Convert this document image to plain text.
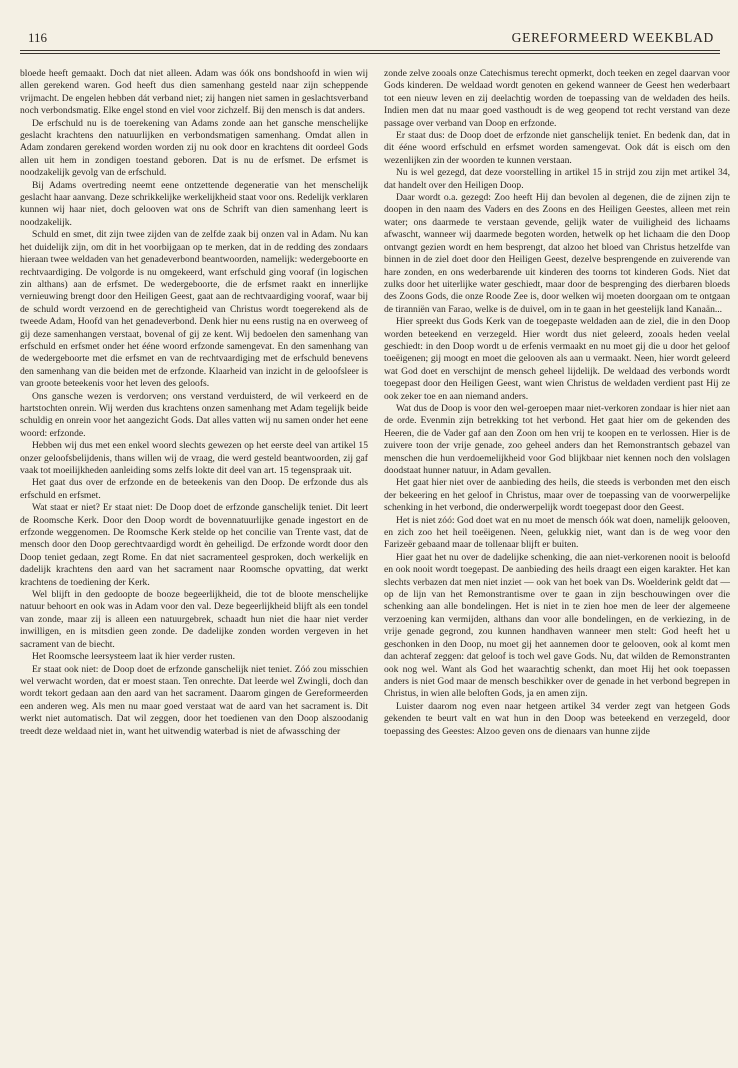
116	GEREFORMEERD WEEKBLAD

bloede heeft gemaakt. Doch dat niet alleen. Adam was óók ons bondshoofd in wien wij allen gerekend waren. God heeft dus dien samenhang gesteld naar zijn scheppende vrijmacht. De engelen hebben dát verband niet; zij hangen niet samen in geslachtsverband noch verbondsmatig. Elke engel stond en viel voor zichzelf. Bij den mensch is dat anders.

De erfschuld nu is de toerekening van Adams zonde aan het gansche menschelijke geslacht krachtens den natuurlijken en verbondsmatigen samenhang. Omdat allen in Adam zondaren gerekend worden worden zij nu ook door en krachtens dit oordeel Gods allen uit hem in zondigen toestand geboren. Dat is nu de erfsmet. De erfsmet is noodzakelijk gevolg van de erfschuld.

Bij Adams overtreding neemt eene ontzettende degeneratie van het menschelijk geslacht haar aanvang. Deze schrikkelijke werkelijkheid staat voor ons. Redelijk verklaren kunnen wij haar niet, doch gelooven wat ons de Schrift van dien samenhang leert is noodzakelijk.

Schuld en smet, dit zijn twee zijden van de zelfde zaak bij onzen val in Adam. Nu kan het duidelijk zijn, om dit in het voorbijgaan op te merken, dat in de redding des zondaars hieraan twee weldaden van het genadeverbond beantwoorden, namelijk: wedergeboorte en rechtvaardiging. De volgorde is nu omgekeerd, want erfschuld ging vooraf (in logischen zin althans) aan de erfsmet. De wedergeboorte, die de erfsmet raakt en innerlijke vernieuwing brengt door den Heiligen Geest, gaat aan de rechtvaardiging vooraf, waar bij de schuld wordt verzoend en de gerechtigheid van Christus wordt toegerekend als de tweede Adam, Hoofd van het genadeverbond. Denk hier nu eens rustig na en overweeg of gij deze samenhangen verstaat, bovenal of gij ze kent. Wij bedoelen den samenhang van erfschuld en erfsmet onder het ééne woord erfzonde samengevat. En den samenhang van de wedergeboorte met die erfsmet en van de rechtvaardiging met de erfschuld benevens den samenhang van die beiden met de erfzonde. Klaarheid van inzicht in de geloofsleer is van groote beteekenis voor het leven des geloofs.

Ons gansche wezen is verdorven; ons verstand verduisterd, de wil verkeerd en de hartstochten onrein. Wij werden dus krachtens onzen samenhang met Adam tegelijk beide schuldig en onrein voor het aangezicht Gods. Dat alles vatten wij nu samen onder het eene woord: erfzonde.

Hebben wij dus met een enkel woord slechts gewezen op het eerste deel van artikel 15 onzer geloofsbelijdenis, thans willen wij de vraag, die werd gesteld beantwoorden, zij gaf vaak tot moeilijkheden aanleiding soms zelfs lokte dit deel van art. 15 tegenspraak uit.

Het gaat dus over de erfzonde en de beteekenis van den Doop. De erfzonde dus als erfschuld en erfsmet.

Wat staat er niet? Er staat niet: De Doop doet de erfzonde ganschelijk teniet. Dit leert de Roomsche Kerk. Door den Doop wordt de bovennatuurlijke genade ingestort en de erfzonde weggenomen. De Roomsche Kerk stelde op het concilie van Trente vast, dat de mensch door den Doop gerechtvaardigd wordt èn geheiligd. De erfzonde wordt door den Doop teniet gedaan, zegt Rome. En dat niet sacramenteel gesproken, doch werkelijk en dadelijk krachtens den aard van het sacrament naar Roomsche opvatting, dat werkt krachtens de toediening der Kerk.

Wel blijft in den gedoopte de booze begeerlijkheid, die tot de bloote menschelijke natuur behoort en ook was in Adam voor den val. Deze begeerlijkheid blijft als een tondel van zonde, maar zij is alleen een natuurgebrek, schaadt hun niet die haar niet verder inwilligen, en is mitsdien geen zonde. De dadelijke zonden worden vergeven in het sacrament van de biecht.

Het Roomsche leersysteem laat ik hier verder rusten.

Er staat ook niet: de Doop doet de erfzonde ganschelijk niet teniet. Zóó zou misschien wel verwacht worden, dat er moest staan. Ten onrechte. Dat leerde wel Zwingli, doch dan wordt tekort gedaan aan den aard van het sacrament. Daarom gingen de Gereformeerden een anderen weg. Als men nu maar goed verstaat wat de aard van het sacrament is. Dit werkt niet automatisch. Dat wil zeggen, door het toedienen van den Doop alszoodanig treedt deze weldaad niet in, want het uitwendig waterbad is niet de afwassching der

zonde zelve zooals onze Catechismus terecht opmerkt, doch teeken en zegel daarvan voor Gods kinderen. De weldaad wordt genoten en gekend wanneer de Geest hen wederbaart tot een nieuw leven en zij deelachtig worden de toepassing van de weldaden des heils. Indien men dat nu maar goed vasthoudt is de weg geopend tot recht verstand van deze passage over verband van Doop en erfzonde.

Er staat dus: de Doop doet de erfzonde niet ganschelijk teniet. En bedenk dan, dat in dit ééne woord erfschuld en erfsmet worden samengevat. Ook dát is eisch om den wezenlijken zin der woorden te kunnen verstaan.

Nu is wel gezegd, dat deze voorstelling in artikel 15 in strijd zou zijn met artikel 34, dat handelt over den Heiligen Doop.

Daar wordt o.a. gezegd: Zoo heeft Hij dan bevolen al degenen, die de zijnen zijn te doopen in den naam des Vaders en des Zoons en des Heiligen Geestes, alleen met rein water; ons daarmede te verstaan gevende, gelijk water de vuiligheid des lichaams afwascht, wanneer wij daarmede begoten worden, hetwelk op het lichaam die den Doop ontvangt gezien wordt en hem besprengt, dat alzoo het bloed van Christus hetzelfde van binnen in de ziel doet door den Heiligen Geest, dezelve besprengende en zuiverende van hare zonden, en ons wederbarende uit kinderen des toorns tot kinderen Gods. Niet dat zulks door het uiterlijke water geschiedt, maar door de besprenging des dierbaren bloeds des Zoons Gods, die onze Roode Zee is, door welken wij moeten doorgaan om te ontgaan de tiranniën van Farao, welke is de duivel, om in te gaan in het geestelijk land Kanaän...

Hier spreekt dus Gods Kerk van de toegepaste weldaden aan de ziel, die in den Doop worden beteekend en verzegeld. Hier wordt dus niet geleerd, zooals heden veelal geschiedt: in den Doop wordt u de erfenis vermaakt en nu moet gij die u door het geloof toeëigenen; gij moogt en moet die gelooven als aan u vermaakt. Neen, hier wordt geleerd wat God doet en verschijnt de mensch geheel lijdelijk. De weldaad des verbonds wordt toegepast door den Heiligen Geest, want wien Christus de weldaden verdient past Hij ze ook zeker toe en aan niemand anders.

Wat dus de Doop is voor den wel-geroepen maar niet-verkoren zondaar is hier niet aan de orde. Evenmin zijn betrekking tot het verbond. Het gaat hier om de gekenden des Heeren, die de Vader gaf aan den Zoon om hen vrij te koopen en te verlossen. Hier is de zuivere toon der vrije genade, zoo geheel anders dan het Remonstrantsch gebazel van menschen die hun verdoemelijkheid voor God blijkbaar niet kennen noch den volslagen doodstaat hunner natuur, in Adam gevallen.

Het gaat hier niet over de aanbieding des heils, die steeds is verbonden met den eisch der bekeering en het geloof in Christus, maar over de toepassing van de voorwerpelijke schenking in het verbond, die onderwerpelijk wordt toegepast door den Geest.

Het is niet zóó: God doet wat en nu moet de mensch óók wat doen, namelijk gelooven, en zich zoo het heil toeëigenen. Neen, gelukkig niet, want dan is de weg voor den Farizeër gebaand maar de tollenaar blijft er buiten.

Hier gaat het nu over de dadelijke schenking, die aan niet-verkorenen nooit is beloofd en ook nooit wordt toegepast. De aanbieding des heils draagt een eigen karakter. Het kan slechts verbazen dat men niet inziet — ook van het boek van Ds. Woelderink geldt dat — op de lijn van het Remonstrantisme over te gaan in zijn beschouwingen over die schenking aan alle bondelingen. Het is niet in te zien hoe men de leer der algemeene verzoening kan vermijden, althans dan voor alle bondelingen, en de verkiezing, in de vrije genade gegrond, zou kunnen handhaven wanneer men stelt: God heeft het u geschonken in den Doop, nu moet gij het aannemen door te gelooven, ook al komt men dan achteraf zeggen: dat geloof is toch wel gave Gods. Nu, dat wilden de Remonstranten ook nog wel. Want als God het waarachtig schenkt, dan moet Hij het ook toepassen anders is niet God maar de mensch beschikker over de genade in het verbond begrepen in Christus, in wien alle beloften Gods, ja en amen zijn.

Luister daarom nog even naar hetgeen artikel 34 verder zegt van hetgeen Gods gekenden te beurt valt en wat hun in den Doop was beteekend en verzegeld, door toepassing des Geestes: Alzoo geven ons de dienaars van hunne zijde
